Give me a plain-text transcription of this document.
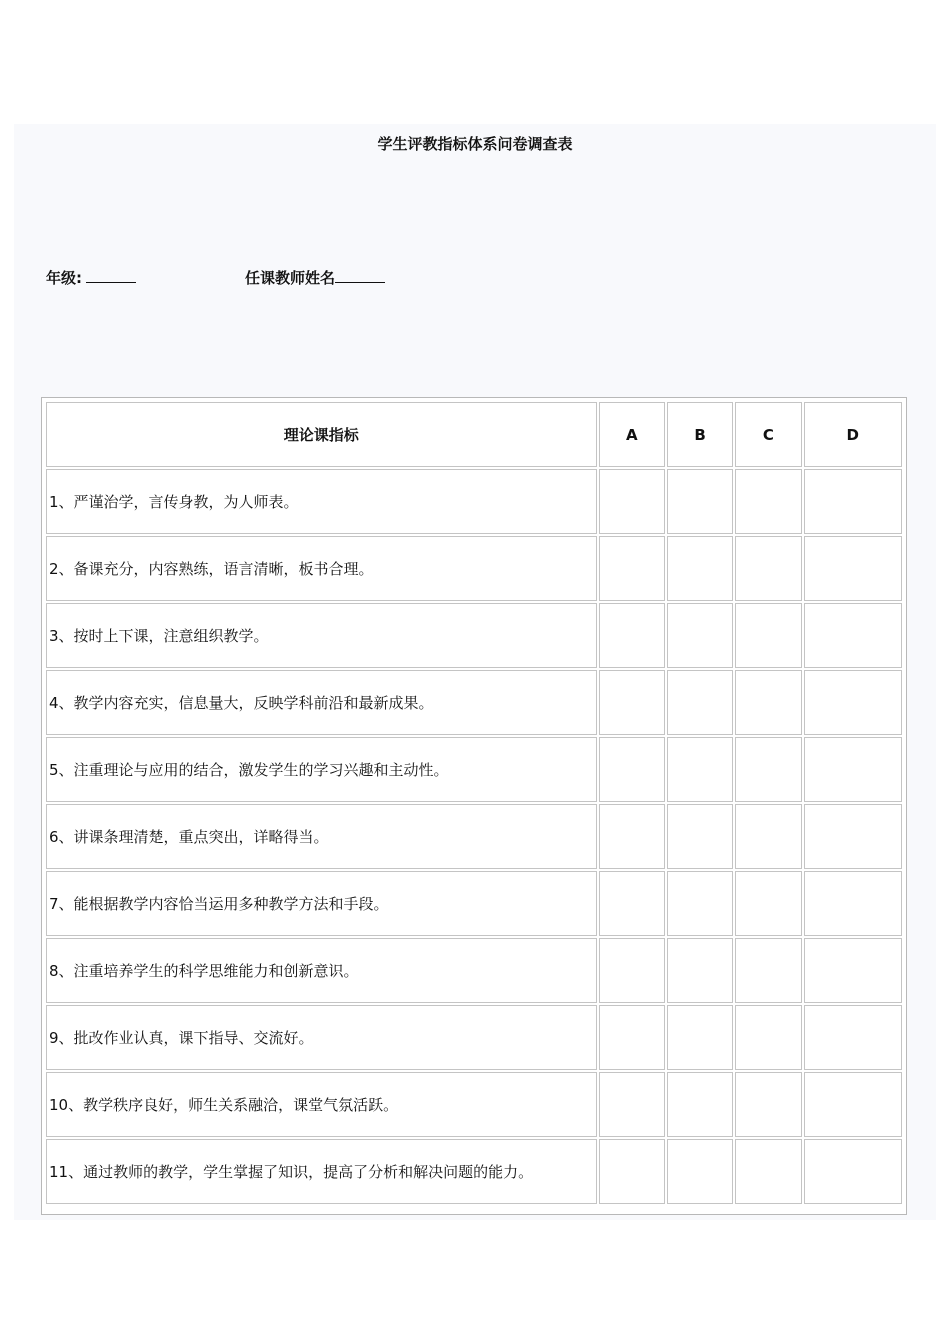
学生评教指标体系问卷调查表
年级:	任课教师姓名
理论课指标	A	B	C	D
1、严谨治学，言传身教，为人师表。				
2、备课充分，内容熟练，语言清晰，板书合理。				
3、按时上下课，注意组织教学。				
4、教学内容充实，信息量大，反映学科前沿和最新成果。				
5、注重理论与应用的结合，激发学生的学习兴趣和主动性。				
6、讲课条理清楚，重点突出，详略得当。				
7、能根据教学内容恰当运用多种教学方法和手段。				
8、注重培养学生的科学思维能力和创新意识。				
9、批改作业认真，课下指导、交流好。				
10、教学秩序良好，师生关系融洽，课堂气氛活跃。				
11、通过教师的教学，学生掌握了知识，提高了分析和解决问题的能力。				
